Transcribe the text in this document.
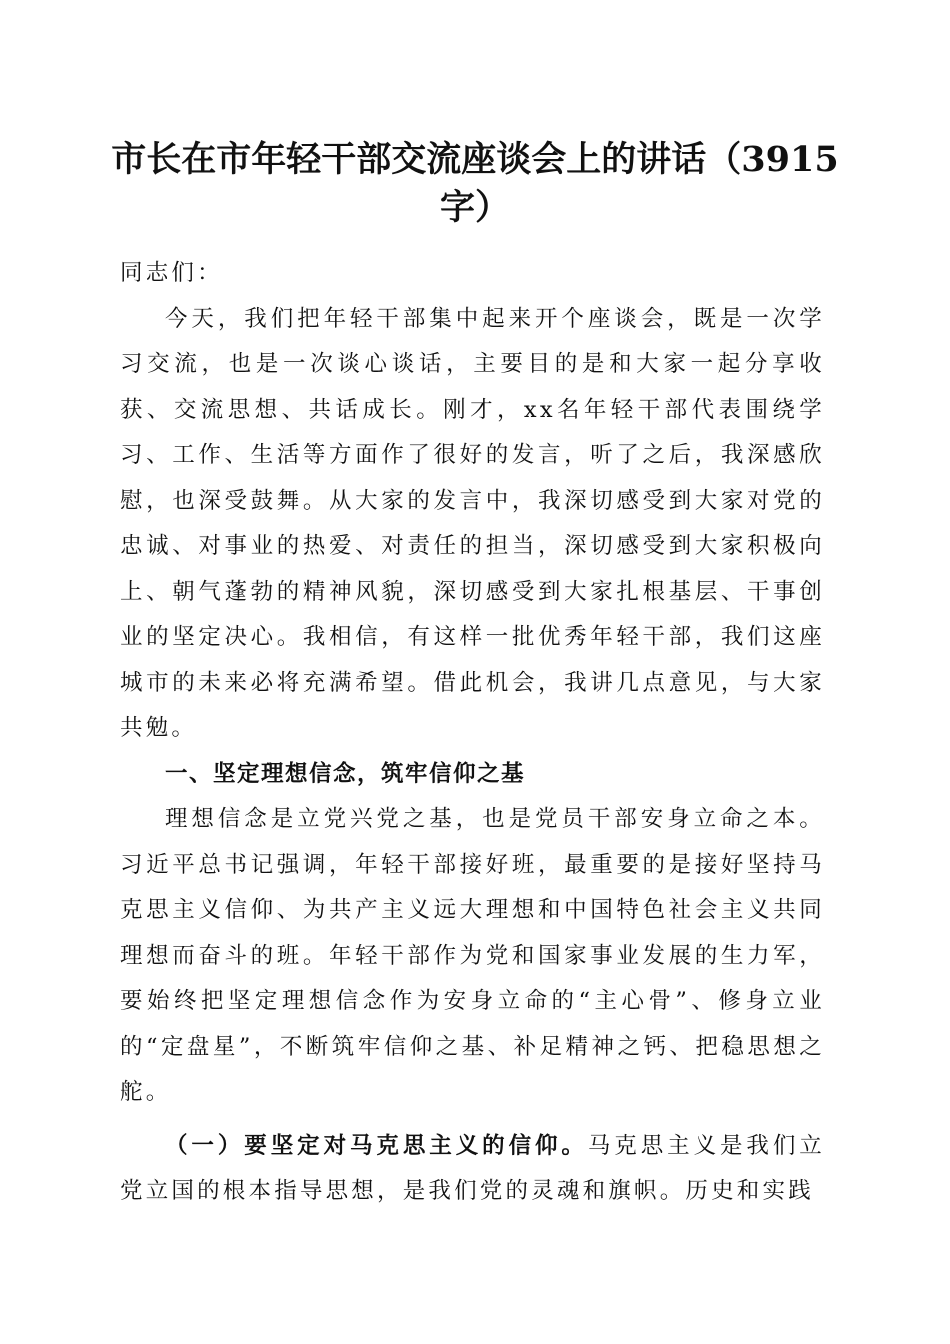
市长在市年轻干部交流座谈会上的讲话（3915字）

同志们：

今天，我们把年轻干部集中起来开个座谈会，既是一次学习交流，也是一次谈心谈话，主要目的是和大家一起分享收获、交流思想、共话成长。刚才，xx名年轻干部代表围绕学习、工作、生活等方面作了很好的发言，听了之后，我深感欣慰，也深受鼓舞。从大家的发言中，我深切感受到大家对党的忠诚、对事业的热爱、对责任的担当，深切感受到大家积极向上、朝气蓬勃的精神风貌，深切感受到大家扎根基层、干事创业的坚定决心。我相信，有这样一批优秀年轻干部，我们这座城市的未来必将充满希望。借此机会，我讲几点意见，与大家共勉。

一、坚定理想信念，筑牢信仰之基

理想信念是立党兴党之基，也是党员干部安身立命之本。习近平总书记强调，年轻干部接好班，最重要的是接好坚持马克思主义信仰、为共产主义远大理想和中国特色社会主义共同理想而奋斗的班。年轻干部作为党和国家事业发展的生力军，要始终把坚定理想信念作为安身立命的“主心骨”、修身立业的“定盘星”，不断筑牢信仰之基、补足精神之钙、把稳思想之舵。

（一）要坚定对马克思主义的信仰。马克思主义是我们立党立国的根本指导思想，是我们党的灵魂和旗帜。历史和实践
